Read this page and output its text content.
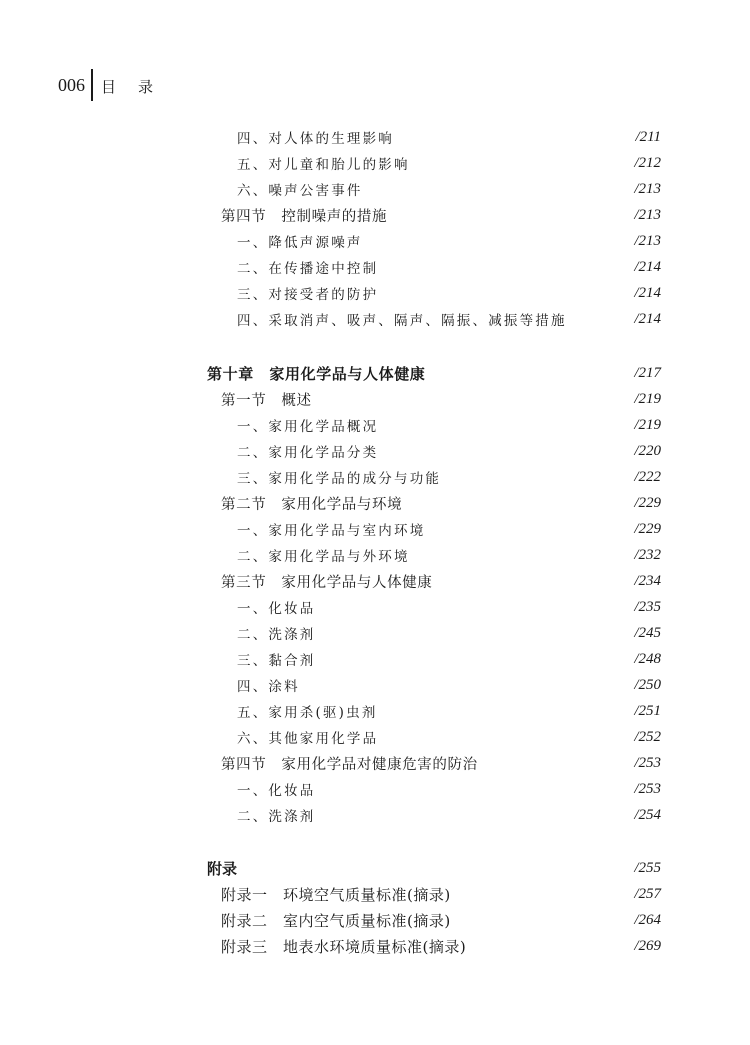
006 目录
四、对人体的生理影响	/211
五、对儿童和胎儿的影响	/212
六、噪声公害事件	/213
第四节　控制噪声的措施	/213
一、降低声源噪声	/213
二、在传播途中控制	/214
三、对接受者的防护	/214
四、采取消声、吸声、隔声、隔振、减振等措施	/214
第十章　家用化学品与人体健康	/217
第一节　概述	/219
一、家用化学品概况	/219
二、家用化学品分类	/220
三、家用化学品的成分与功能	/222
第二节　家用化学品与环境	/229
一、家用化学品与室内环境	/229
二、家用化学品与外环境	/232
第三节　家用化学品与人体健康	/234
一、化妆品	/235
二、洗涤剂	/245
三、黏合剂	/248
四、涂料	/250
五、家用杀(驱)虫剂	/251
六、其他家用化学品	/252
第四节　家用化学品对健康危害的防治	/253
一、化妆品	/253
二、洗涤剂	/254
附录	/255
附录一　环境空气质量标准(摘录)	/257
附录二　室内空气质量标准(摘录)	/264
附录三　地表水环境质量标准(摘录)	/269
